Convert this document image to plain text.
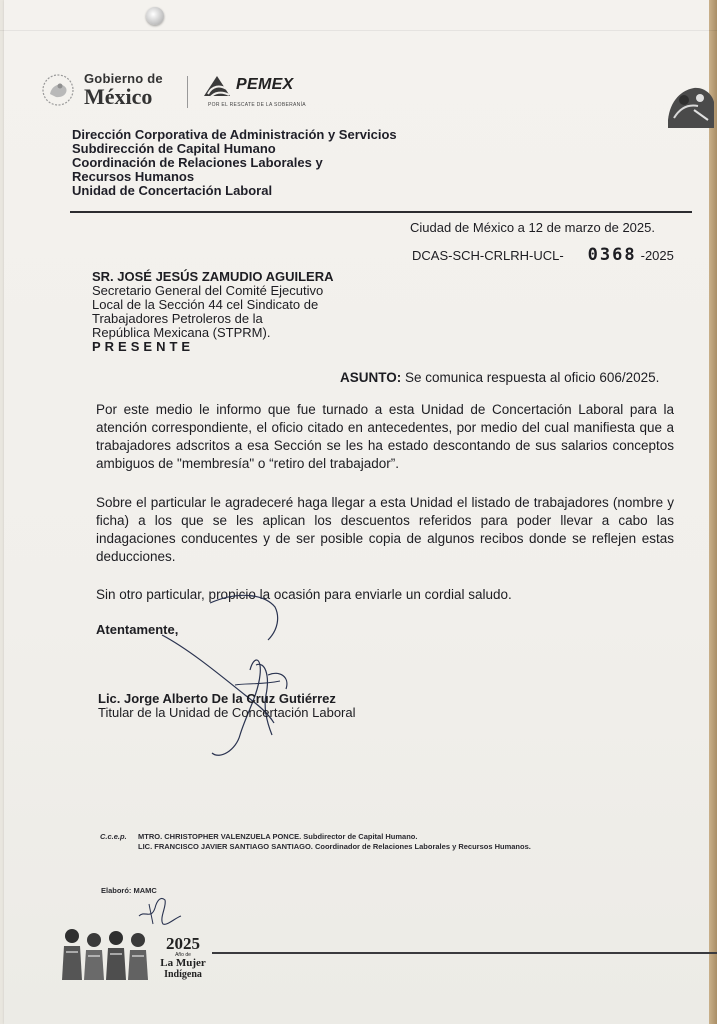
Gobierno de
México	PEMEX
POR EL RESCATE DE LA SOBERANÍA
Dirección Corporativa de Administración y Servicios
Subdirección de Capital Humano
Coordinación de Relaciones Laborales y
Recursos Humanos
Unidad de Concertación Laboral
Ciudad de México a 12 de marzo de 2025.
DCAS-SCH-CRLRH-UCL- 0368 -2025
SR. JOSÉ JESÚS ZAMUDIO AGUILERA
Secretario General del Comité Ejecutivo
Local de la Sección 44 cel Sindicato de
Trabajadores Petroleros de la
República Mexicana (STPRM).
PRESENTE
ASUNTO: Se comunica respuesta al oficio 606/2025.
Por este medio le informo que fue turnado a esta Unidad de Concertación Laboral para la atención correspondiente, el oficio citado en antecedentes, por medio del cual manifiesta que a trabajadores adscritos a esa Sección se les ha estado descontando de sus salarios conceptos ambiguos de "membresía" o “retiro del trabajador”.
Sobre el particular le agradeceré haga llegar a esta Unidad el listado de trabajadores (nombre y ficha) a los que se les aplican los descuentos referidos para poder llevar a cabo las indagaciones conducentes y de ser posible copia de algunos recibos donde se reflejen estas deducciones.
Sin otro particular, propicio la ocasión para enviarle un cordial saludo.
Atentamente,
Lic. Jorge Alberto De la Cruz Gutiérrez
Titular de la Unidad de Concertación Laboral
C.c.e.p.	MTRO. CHRISTOPHER VALENZUELA PONCE. Subdirector de Capital Humano.
LIC. FRANCISCO JAVIER SANTIAGO SANTIAGO. Coordinador de Relaciones Laborales y Recursos Humanos.
Elaboró: MAMC
2025
Año de
La Mujer
Indígena
